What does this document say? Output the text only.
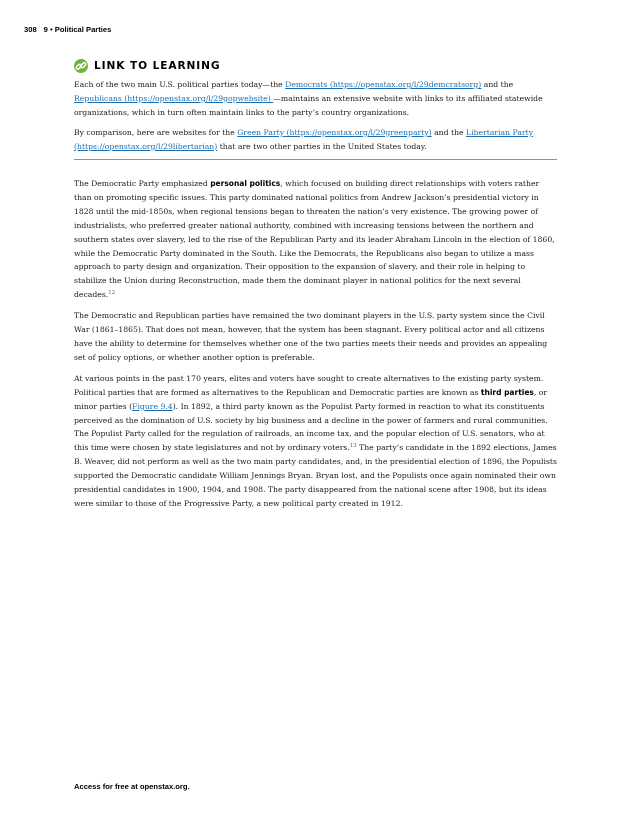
308 9 • Political Parties
LINK TO LEARNING

Each of the two main U.S. political parties today—the Democrats (https://openstax.org/l/29demcratsorg) and the Republicans (https://openstax.org/l/29gopwebsite) —maintains an extensive website with links to its affiliated statewide organizations, which in turn often maintain links to the party’s country organizations.

By comparison, here are websites for the Green Party (https://openstax.org/l/29greenparty) and the Libertarian Party (https://openstax.org/l/29libertarian) that are two other parties in the United States today.

The Democratic Party emphasized personal politics, which focused on building direct relationships with voters rather than on promoting specific issues. This party dominated national politics from Andrew Jackson’s presidential victory in 1828 until the mid-1850s, when regional tensions began to threaten the nation’s very existence. The growing power of industrialists, who preferred greater national authority, combined with increasing tensions between the northern and southern states over slavery, led to the rise of the Republican Party and its leader Abraham Lincoln in the election of 1860, while the Democratic Party dominated in the South. Like the Democrats, the Republicans also began to utilize a mass approach to party design and organization. Their opposition to the expansion of slavery, and their role in helping to stabilize the Union during Reconstruction, made them the dominant player in national politics for the next several decades.$^{12}$

The Democratic and Republican parties have remained the two dominant players in the U.S. party system since the Civil War (1861–1865). That does not mean, however, that the system has been stagnant. Every political actor and all citizens have the ability to determine for themselves whether one of the two parties meets their needs and provides an appealing set of policy options, or whether another option is preferable.

At various points in the past 170 years, elites and voters have sought to create alternatives to the existing party system. Political parties that are formed as alternatives to the Republican and Democratic parties are known as third parties, or minor parties (Figure 9.4). In 1892, a third party known as the Populist Party formed in reaction to what its constituents perceived as the domination of U.S. society by big business and a decline in the power of farmers and rural communities. The Populist Party called for the regulation of railroads, an income tax, and the popular election of U.S. senators, who at this time were chosen by state legislatures and not by ordinary voters.$^{13}$ The party’s candidate in the 1892 elections, James B. Weaver, did not perform as well as the two main party candidates, and, in the presidential election of 1896, the Populists supported the Democratic candidate William Jennings Bryan. Bryan lost, and the Populists once again nominated their own presidential candidates in 1900, 1904, and 1908. The party disappeared from the national scene after 1908, but its ideas were similar to those of the Progressive Party, a new political party created in 1912.

Access for free at openstax.org.
